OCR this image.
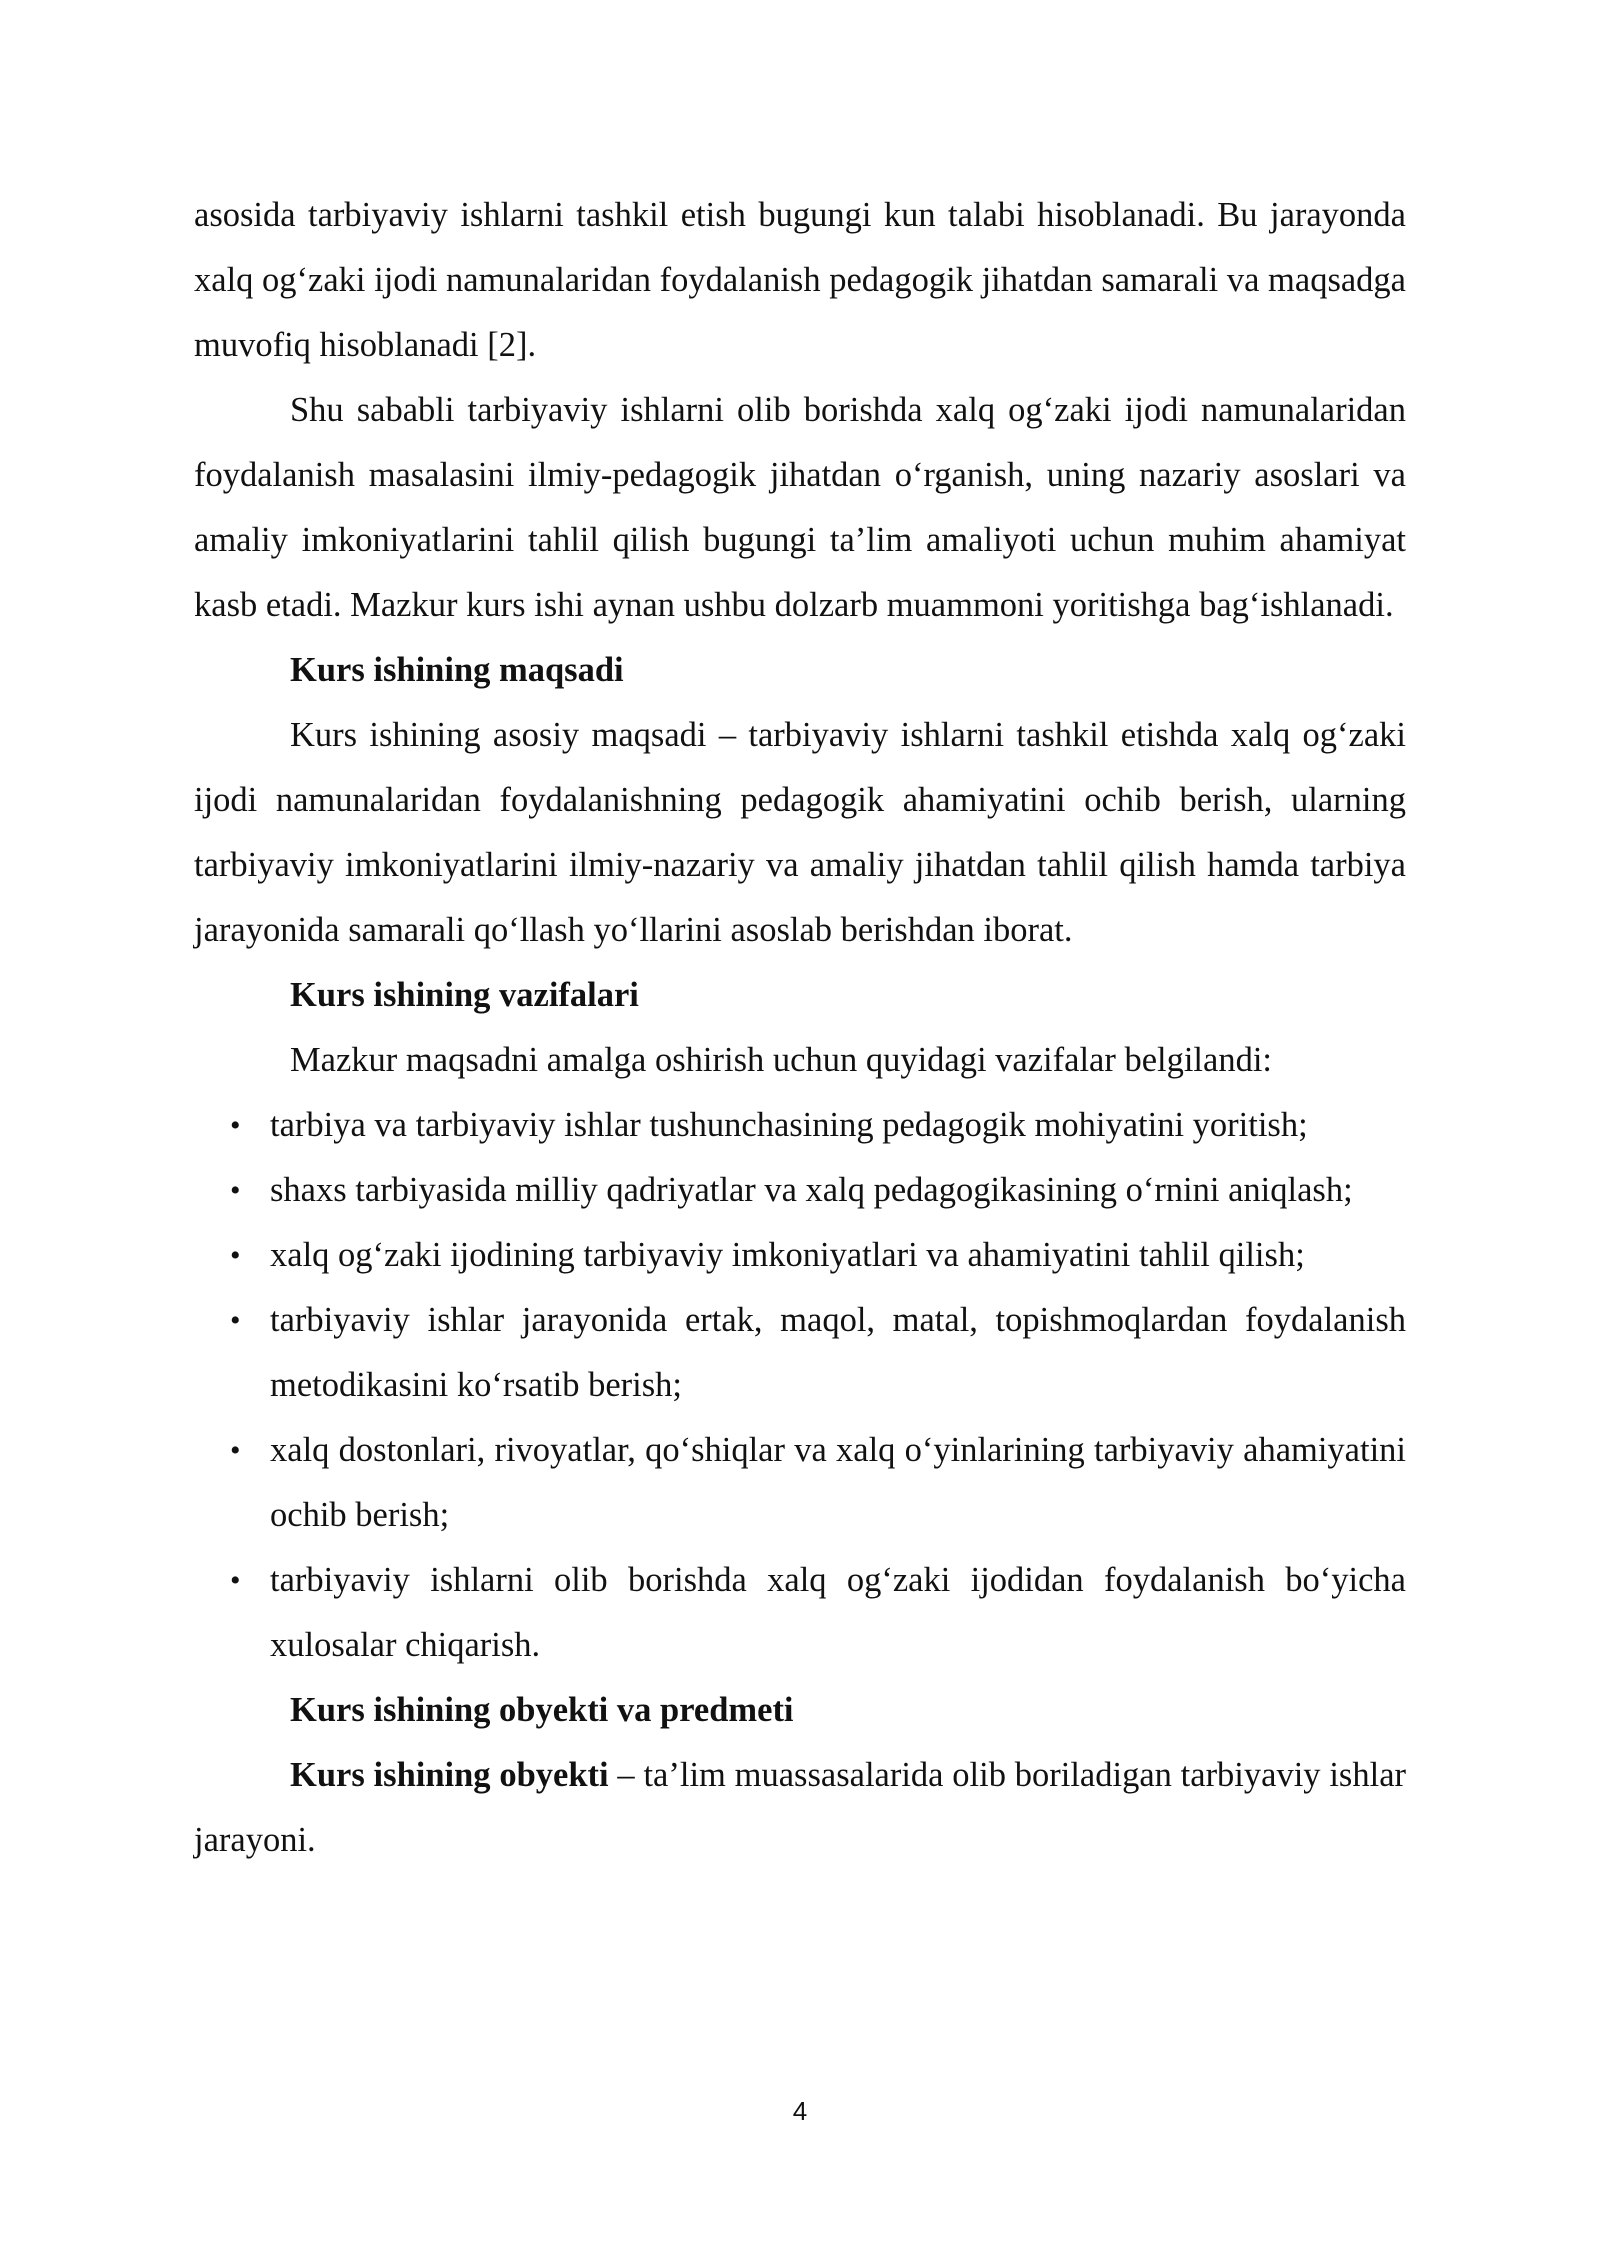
asosida tarbiyaviy ishlarni tashkil etish bugungi kun talabi hisoblanadi. Bu jarayonda xalq og‘zaki ijodi namunalaridan foydalanish pedagogik jihatdan samarali va maqsadga muvofiq hisoblanadi [2].

Shu sababli tarbiyaviy ishlarni olib borishda xalq og‘zaki ijodi namunalaridan foydalanish masalasini ilmiy-pedagogik jihatdan o‘rganish, uning nazariy asoslari va amaliy imkoniyatlarini tahlil qilish bugungi ta’lim amaliyoti uchun muhim ahamiyat kasb etadi. Mazkur kurs ishi aynan ushbu dolzarb muammoni yoritishga bag‘ishlanadi.

Kurs ishining maqsadi

Kurs ishining asosiy maqsadi – tarbiyaviy ishlarni tashkil etishda xalq og‘zaki ijodi namunalaridan foydalanishning pedagogik ahamiyatini ochib berish, ularning tarbiyaviy imkoniyatlarini ilmiy-nazariy va amaliy jihatdan tahlil qilish hamda tarbiya jarayonida samarali qo‘llash yo‘llarini asoslab berishdan iborat.

Kurs ishining vazifalari

Mazkur maqsadni amalga oshirish uchun quyidagi vazifalar belgilandi:

• tarbiya va tarbiyaviy ishlar tushunchasining pedagogik mohiyatini yoritish;
• shaxs tarbiyasida milliy qadriyatlar va xalq pedagogikasining o‘rnini aniqlash;
• xalq og‘zaki ijodining tarbiyaviy imkoniyatlari va ahamiyatini tahlil qilish;
• tarbiyaviy ishlar jarayonida ertak, maqol, matal, topishmoqlardan foydalanish metodikasini ko‘rsatib berish;
• xalq dostonlari, rivoyatlar, qo‘shiqlar va xalq o‘yinlarining tarbiyaviy ahamiyatini ochib berish;
• tarbiyaviy ishlarni olib borishda xalq og‘zaki ijodidan foydalanish bo‘yicha xulosalar chiqarish.

Kurs ishining obyekti va predmeti

Kurs ishining obyekti – ta’lim muassasalarida olib boriladigan tarbiyaviy ishlar jarayoni.

4
